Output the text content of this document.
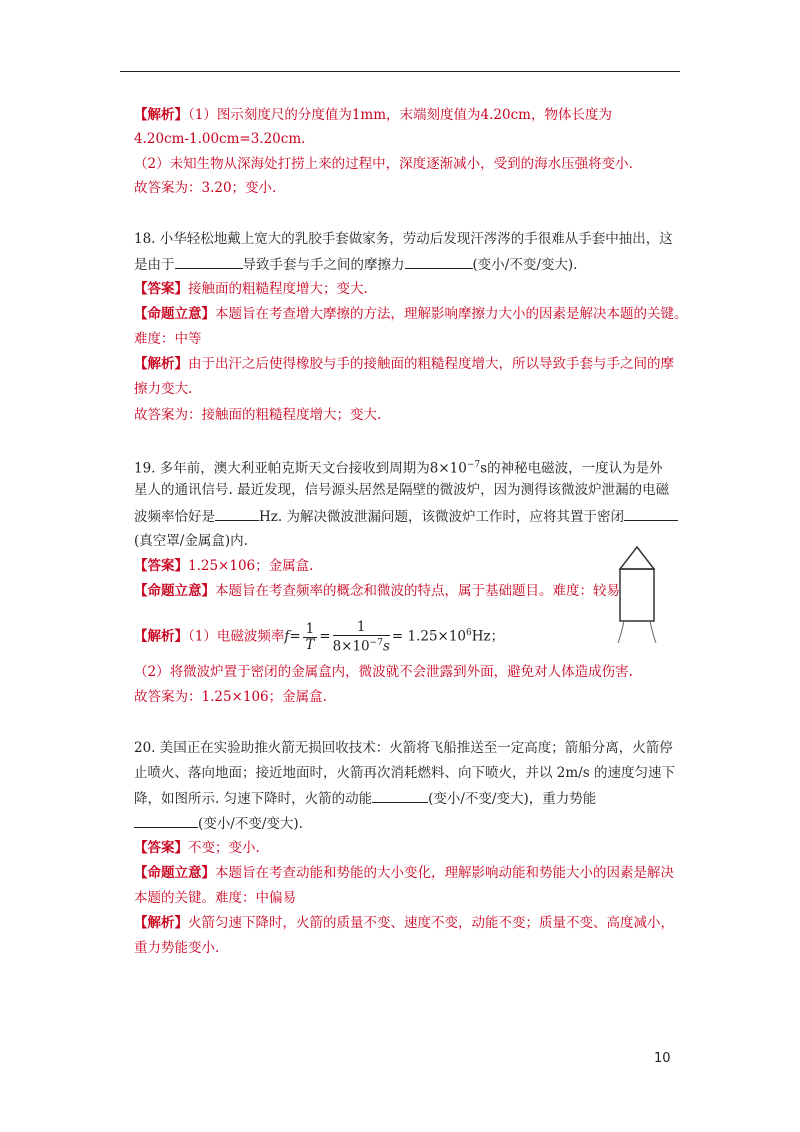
【解析】（1）图示刻度尺的分度值为1mm，末端刻度值为4.20cm，物体长度为
4.20cm-1.00cm=3.20cm.
（2）未知生物从深海处打捞上来的过程中，深度逐渐减小，受到的海水压强将变小.
故答案为：3.20；变小.
18. 小华轻松地戴上宽大的乳胶手套做家务，劳动后发现汗涔涔的手很难从手套中抽出，这
是由于	导致手套与手之间的摩擦力	(变小/不变/变大).
【答案】接触面的粗糙程度增大；变大.
【命题立意】本题旨在考查增大摩擦的方法，理解影响摩擦力大小的因素是解决本题的关键。
难度：中等
【解析】由于出汗之后使得橡胶与手的接触面的粗糙程度增大，所以导致手套与手之间的摩
擦力变大.
故答案为：接触面的粗糙程度增大；变大.
19. 多年前，澳大利亚帕克斯天文台接收到周期为$8\times 10^{-7}s$的神秘电磁波，一度认为是外
星人的通讯信号. 最近发现，信号源头居然是隔壁的微波炉，因为测得该微波炉泄漏的电磁
波频率恰好是	Hz. 为解决微波泄漏问题，该微波炉工作时，应将其置于密闭
(真空罩/金属盒)内.
【答案】1.25×106；金属盒.
【命题立意】本题旨在考查频率的概念和微波的特点，属于基础题目。难度：较易
【解析】（1）电磁波频率$f= \frac{1}{T} = \frac{1}{8\times 10^{-7}s} = 1.25\times 10^6Hz$；
（2）将微波炉置于密闭的金属盒内，微波就不会泄露到外面，避免对人体造成伤害.
故答案为：1.25×106；金属盒.
20. 美国正在实验助推火箭无损回收技术：火箭将飞船推送至一定高度；箭船分离，火箭停
止喷火、落向地面；接近地面时，火箭再次消耗燃料、向下喷火，并以 2m/s 的速度匀速下
降，如图所示. 匀速下降时，火箭的动能	(变小/不变/变大)，重力势能
(变小/不变/变大).
【答案】不变；变小.
【命题立意】本题旨在考查动能和势能的大小变化，理解影响动能和势能大小的因素是解决
本题的关键。难度：中偏易
【解析】火箭匀速下降时，火箭的质量不变、速度不变，动能不变；质量不变、高度减小，
重力势能变小.
10
